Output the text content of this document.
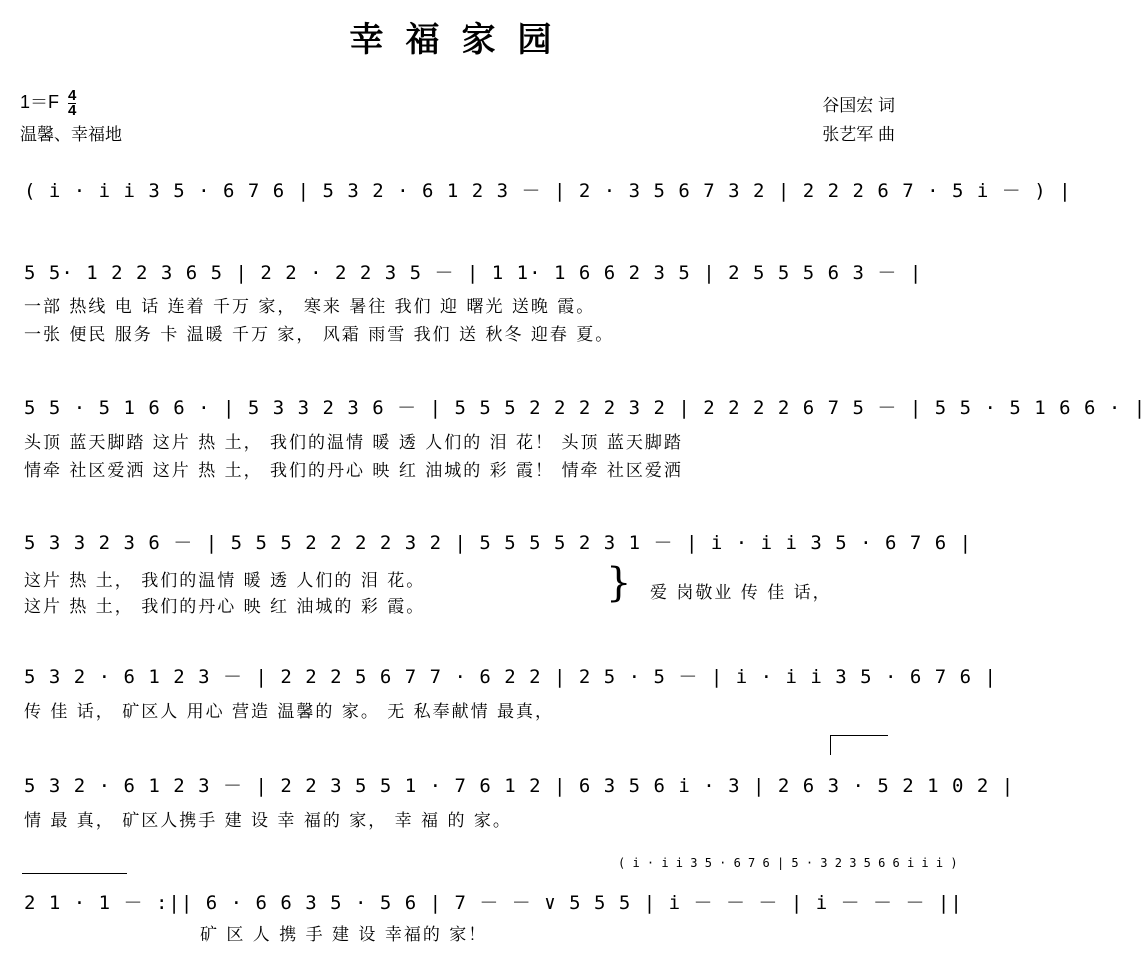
幸福家园
$1=F \frac{4}{4}$
温馨、幸福地
谷国宏 词
张艺军 曲
( i · i i 3 5 · 6 7 6 | 5 3 2 · 6 1 2 3 － | 2 · 3 5 6 7 3 2 | 2 2 2 6 7 · 5 i － ) |
5 5· 1 2 2 3 6 5 | 2 2 · 2 2 3 5 － | 1 1· 1 6 6 2 3 5 | 2 5 5 5 6 3 － |
一部 热线 电 话 连着 千万 家， 寒来 暑往 我们 迎 曙光 送晚 霞。
一张 便民 服务 卡 温暖 千万 家， 风霜 雨雪 我们 送 秋冬 迎春 夏。
5 5 · 5 1 6 6 · | 5 3 3 2 3 6 － | 5 5 5 2 2 2 2 3 2 | 2 2 2 2 6 7 5 － | 5 5 · 5 1 6 6 · |
头顶 蓝天脚踏 这片 热 土， 我们的温情 暖 透 人们的 泪 花！ 头顶 蓝天脚踏
情牵 社区爱洒 这片 热 土， 我们的丹心 映 红 油城的 彩 霞！ 情牵 社区爱洒
5 3 3 2 3 6 － | 5 5 5 2 2 2 2 3 2 | 5 5 5 5 2 3 1 － | i · i i 3 5 · 6 7 6 |
这片 热 土， 我们的温情 暖 透 人们的 泪 花。
这片 热 土， 我们的丹心 映 红 油城的 彩 霞。
} 爱 岗敬业 传 佳 话，
5 3 2 · 6 1 2 3 － | 2 2 2 5 6 7 7 · 6 2 2 | 2 5 · 5 － | i · i i 3 5 · 6 7 6 |
传 佳 话， 矿区人 用心 营造 温馨的 家。 无 私奉献情 最真，
5 3 2 · 6 1 2 3 － | 2 2 3 5 5 1 · 7 6 1 2 | 6 3 5 6 i · 3 | 2 6 3 · 5 2 1 0 2 |
情 最 真， 矿区人携手 建 设 幸 福的 家， 幸 福 的 家。
( i · i i 3 5 · 6 7 6 | 5 · 3 2 3 5 6 6 i i i )
2 1 · 1 － :|| 6 · 6 6 3 5 · 5 6 | 7 － － ∨ 5 5 5 | i － － － | i － － － ||
矿 区 人 携 手 建 设 幸福的 家！
